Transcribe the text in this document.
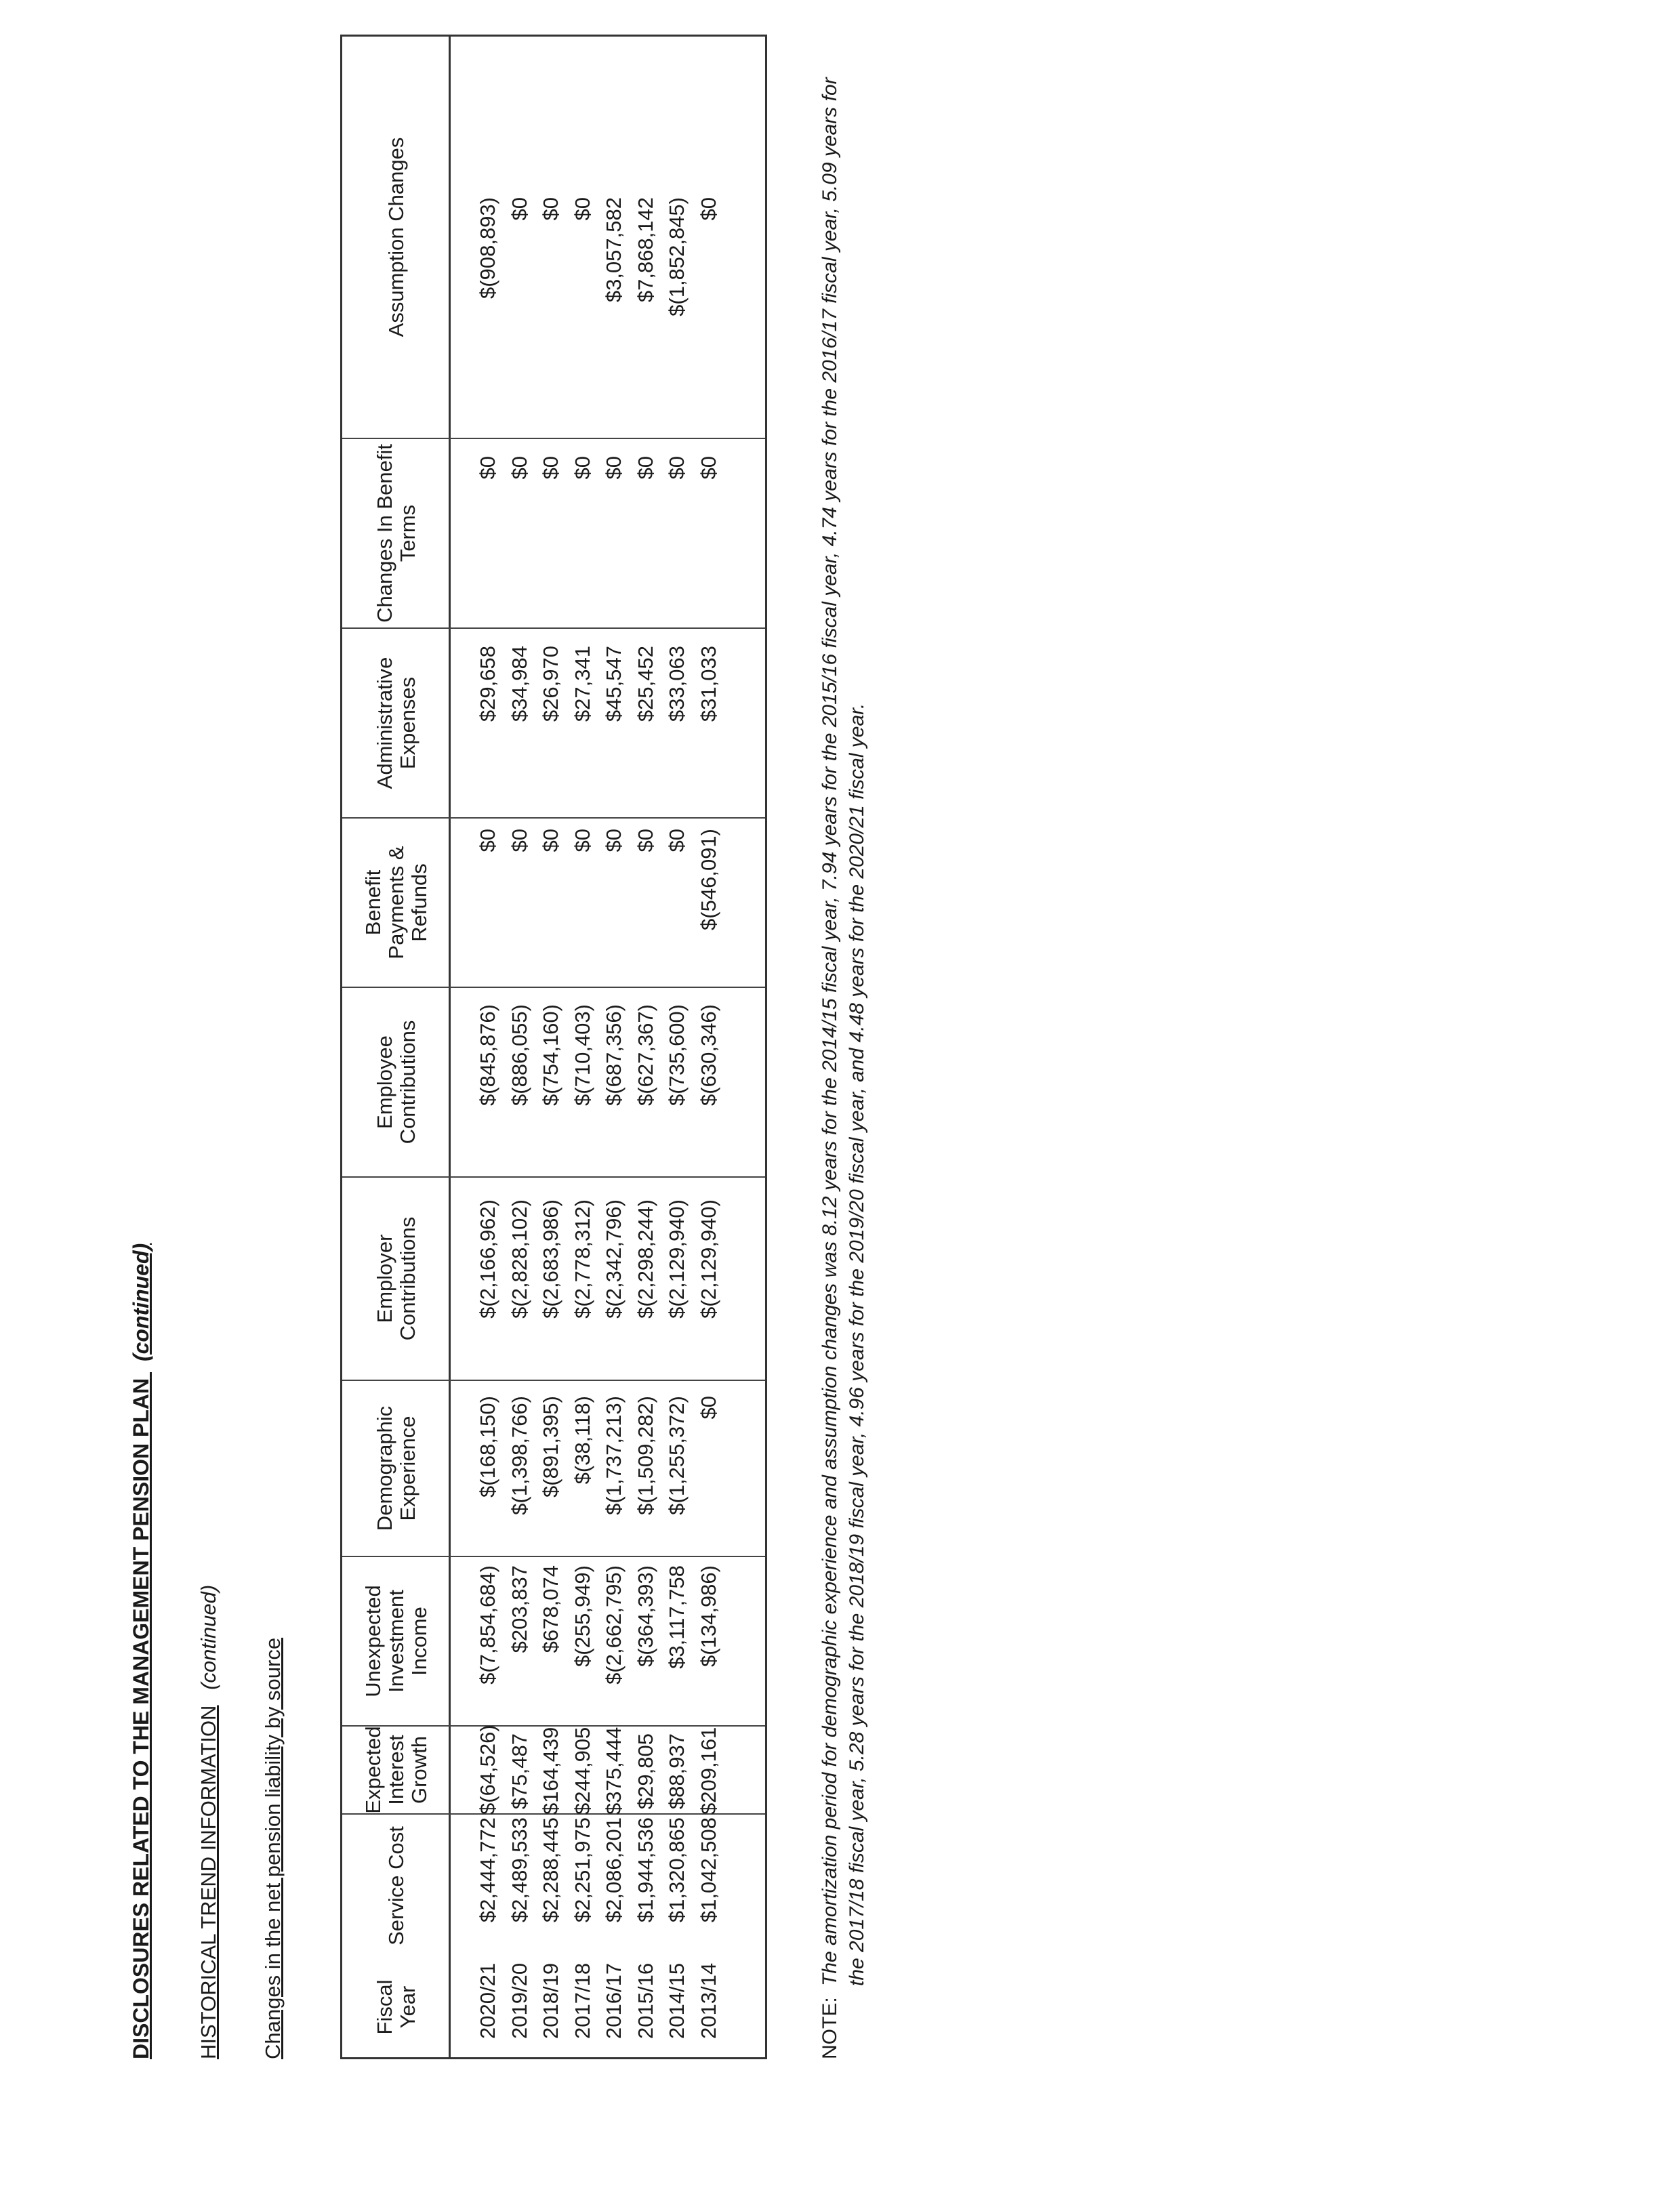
DISCLOSURES RELATED TO THE MANAGEMENT PENSION PLAN (continued)
HISTORICAL TREND INFORMATION (continued)
Changes in the net pension liability by source	Fiscal Year
Service Cost
Expected Interest Growth
Unexpected Investment Income
Demographic Experience
Employer Contributions
Employee Contributions
Benefit Payments & Refunds
Administrative Expenses
Changes In Benefit Terms
Assumption Changes
2020/21 2019/20 2018/19 2017/18 2016/17 2015/16 2014/15 2013/14
$2,444,772 $2,489,533 $2,288,445 $2,251,975 $2,086,201 $1,944,536 $1,320,865 $1,042,508
$(64,526) $75,487 $164,439 $244,905 $375,444 $29,805 $88,937 $209,161
$(7,854,684) $203,837 $678,074 $(255,949) $(2,662,795) $(364,393) $3,117,758 $(134,986)
$(168,150) $(1,398,766) $(891,395) $(38,118) $(1,737,213) $(1,509,282) $(1,255,372) $0
$(2,166,962) $(2,828,102) $(2,683,986) $(2,778,312) $(2,342,796) $(2,298,244) $(2,129,940) $(2,129,940)
$(845,876) $(886,055) $(754,160) $(710,403) $(687,356) $(627,367) $(735,600) $(630,346)
$0 $0 $0 $0 $0 $0 $0 $(546,091)
$29,658 $34,984 $26,970 $27,341 $45,547 $25,452 $33,063 $31,033
$0 $0 $0 $0 $0 $0 $0 $0
$(908,893) $0 $0 $0 $3,057,582 $7,868,142 $(1,852,845) $0
NOTE:
The amortization period for demographic experience and assumption changes was 8.12 years for the 2014/15 fiscal year, 7.94 years for the 2015/16 fiscal year, 4.74 years for the 2016/17 fiscal year, 5.09 years for the 2017/18 fiscal year, 5.28 years for the 2018/19 fiscal year, 4.96 years for the 2019/20 fiscal year, and 4.48 years for the 2020/21 fiscal year.
